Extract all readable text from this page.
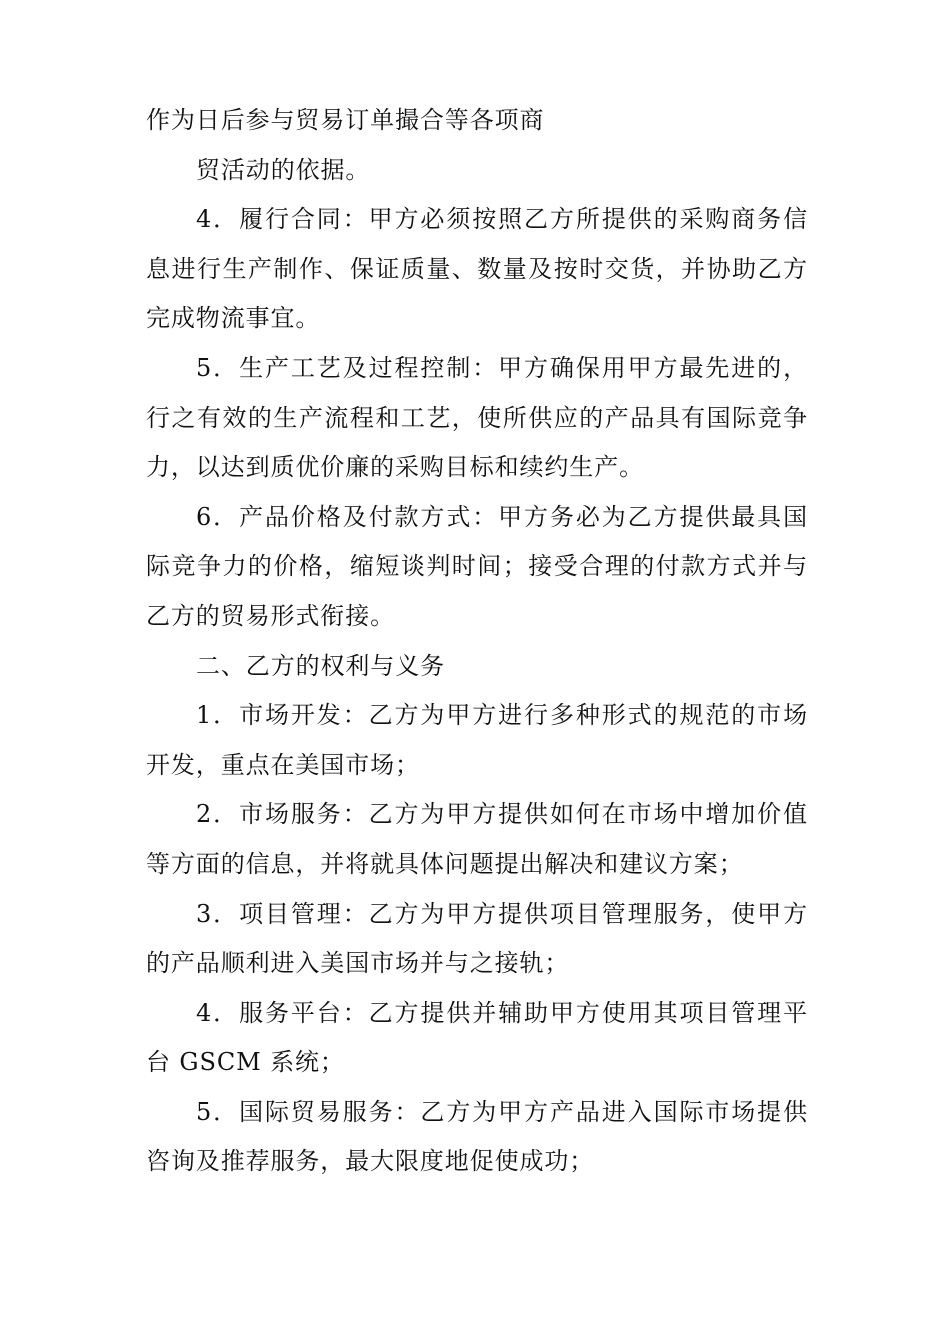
作为日后参与贸易订单撮合等各项商

贸活动的依据。

4．履行合同：甲方必须按照乙方所提供的采购商务信息进行生产制作、保证质量、数量及按时交货，并协助乙方完成物流事宜。

5．生产工艺及过程控制：甲方确保用甲方最先进的，行之有效的生产流程和工艺，使所供应的产品具有国际竞争力，以达到质优价廉的采购目标和续约生产。

6．产品价格及付款方式：甲方务必为乙方提供最具国际竞争力的价格，缩短谈判时间；接受合理的付款方式并与乙方的贸易形式衔接。

二、乙方的权利与义务

1．市场开发：乙方为甲方进行多种形式的规范的市场开发，重点在美国市场；

2．市场服务：乙方为甲方提供如何在市场中增加价值等方面的信息，并将就具体问题提出解决和建议方案；

3．项目管理：乙方为甲方提供项目管理服务，使甲方的产品顺利进入美国市场并与之接轨；

4．服务平台：乙方提供并辅助甲方使用其项目管理平台 GSCM 系统；

5．国际贸易服务：乙方为甲方产品进入国际市场提供咨询及推荐服务，最大限度地促使成功；
